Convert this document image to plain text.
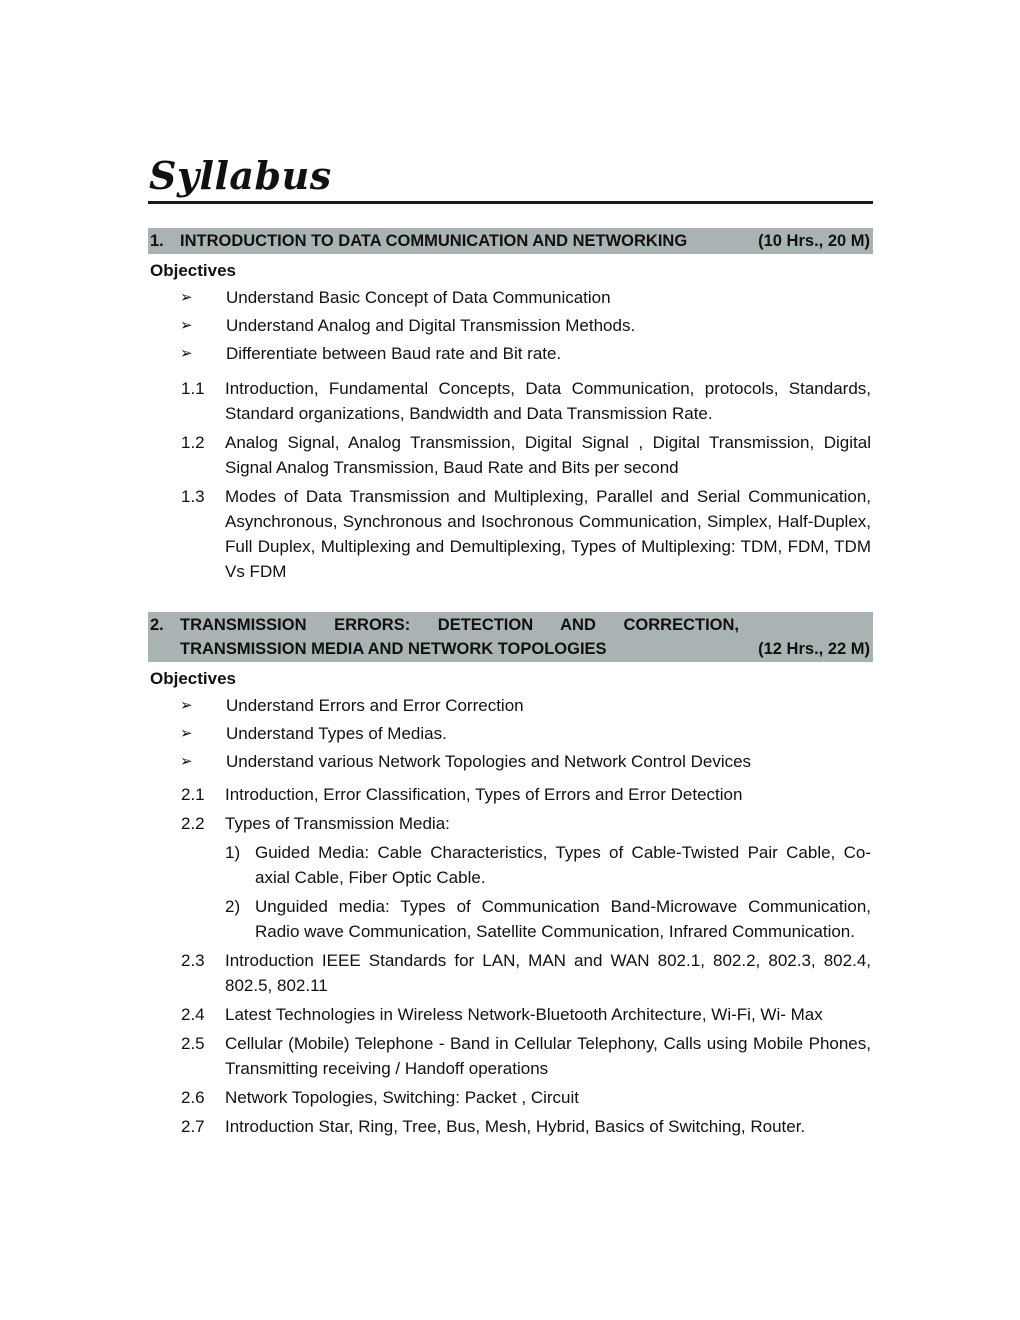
Syllabus
1. INTRODUCTION TO DATA COMMUNICATION AND NETWORKING	(10 Hrs., 20 M)
Objectives
➢ Understand Basic Concept of Data Communication
➢ Understand Analog and Digital Transmission Methods.
➢ Differentiate between Baud rate and Bit rate.
1.1 Introduction, Fundamental Concepts, Data Communication, protocols, Standards, Standard organizations, Bandwidth and Data Transmission Rate.
1.2 Analog Signal, Analog Transmission, Digital Signal , Digital Transmission, Digital Signal Analog Transmission, Baud Rate and Bits per second
1.3 Modes of Data Transmission and Multiplexing, Parallel and Serial Communication, Asynchronous, Synchronous and Isochronous Communication, Simplex, Half-Duplex, Full Duplex, Multiplexing and Demultiplexing, Types of Multiplexing: TDM, FDM, TDM Vs FDM
2. TRANSMISSION ERRORS: DETECTION AND CORRECTION, TRANSMISSION MEDIA AND NETWORK TOPOLOGIES	(12 Hrs., 22 M)
Objectives
➢ Understand Errors and Error Correction
➢ Understand Types of Medias.
➢ Understand various Network Topologies and Network Control Devices
2.1 Introduction, Error Classification, Types of Errors and Error Detection
2.2 Types of Transmission Media:
1) Guided Media: Cable Characteristics, Types of Cable-Twisted Pair Cable, Co-axial Cable, Fiber Optic Cable.
2) Unguided media: Types of Communication Band-Microwave Communication, Radio wave Communication, Satellite Communication, Infrared Communication.
2.3 Introduction IEEE Standards for LAN, MAN and WAN 802.1, 802.2, 802.3, 802.4, 802.5, 802.11
2.4 Latest Technologies in Wireless Network-Bluetooth Architecture, Wi-Fi, Wi- Max
2.5 Cellular (Mobile) Telephone - Band in Cellular Telephony, Calls using Mobile Phones, Transmitting receiving / Handoff operations
2.6 Network Topologies, Switching: Packet , Circuit
2.7 Introduction Star, Ring, Tree, Bus, Mesh, Hybrid, Basics of Switching, Router.
